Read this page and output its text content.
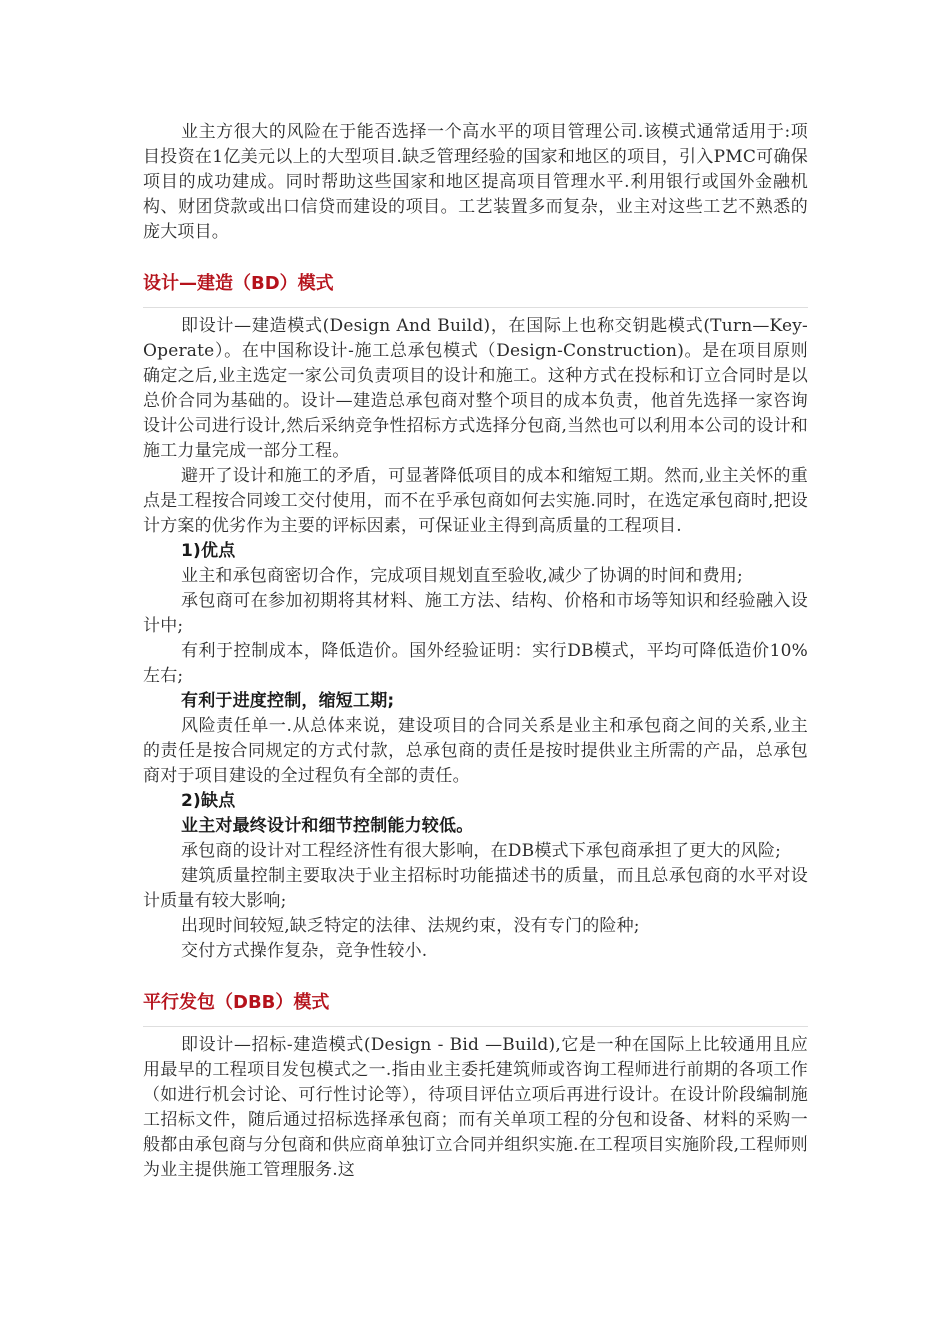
业主方很大的风险在于能否选择一个高水平的项目管理公司.该模式通常适用于:项目投资在1亿美元以上的大型项目.缺乏管理经验的国家和地区的项目，引入PMC可确保项目的成功建成。同时帮助这些国家和地区提高项目管理水平.利用银行或国外金融机构、财团贷款或出口信贷而建设的项目。工艺装置多而复杂，业主对这些工艺不熟悉的庞大项目。

设计—建造（BD）模式

即设计—建造模式(Design And Build)，在国际上也称交钥匙模式(Turn—Key-Operate）。在中国称设计-施工总承包模式（Design-Construction)。是在项目原则确定之后,业主选定一家公司负责项目的设计和施工。这种方式在投标和订立合同时是以总价合同为基础的。设计—建造总承包商对整个项目的成本负责，他首先选择一家咨询设计公司进行设计,然后采纳竞争性招标方式选择分包商,当然也可以利用本公司的设计和施工力量完成一部分工程。

避开了设计和施工的矛盾，可显著降低项目的成本和缩短工期。然而,业主关怀的重点是工程按合同竣工交付使用，而不在乎承包商如何去实施.同时，在选定承包商时,把设计方案的优劣作为主要的评标因素，可保证业主得到高质量的工程项目.

1)优点

业主和承包商密切合作，完成项目规划直至验收,减少了协调的时间和费用;

承包商可在参加初期将其材料、施工方法、结构、价格和市场等知识和经验融入设计中;

有利于控制成本，降低造价。国外经验证明：实行DB模式，平均可降低造价10%左右;

有利于进度控制，缩短工期;

风险责任单一.从总体来说，建设项目的合同关系是业主和承包商之间的关系,业主的责任是按合同规定的方式付款，总承包商的责任是按时提供业主所需的产品，总承包商对于项目建设的全过程负有全部的责任。

2)缺点

业主对最终设计和细节控制能力较低。

承包商的设计对工程经济性有很大影响，在DB模式下承包商承担了更大的风险;

建筑质量控制主要取决于业主招标时功能描述书的质量，而且总承包商的水平对设计质量有较大影响;

出现时间较短,缺乏特定的法律、法规约束，没有专门的险种;

交付方式操作复杂，竞争性较小.

平行发包（DBB）模式

即设计—招标-建造模式(Design - Bid —Build),它是一种在国际上比较通用且应用最早的工程项目发包模式之一.指由业主委托建筑师或咨询工程师进行前期的各项工作（如进行机会讨论、可行性讨论等），待项目评估立项后再进行设计。在设计阶段编制施工招标文件，随后通过招标选择承包商；而有关单项工程的分包和设备、材料的采购一般都由承包商与分包商和供应商单独订立合同并组织实施.在工程项目实施阶段,工程师则为业主提供施工管理服务.这
